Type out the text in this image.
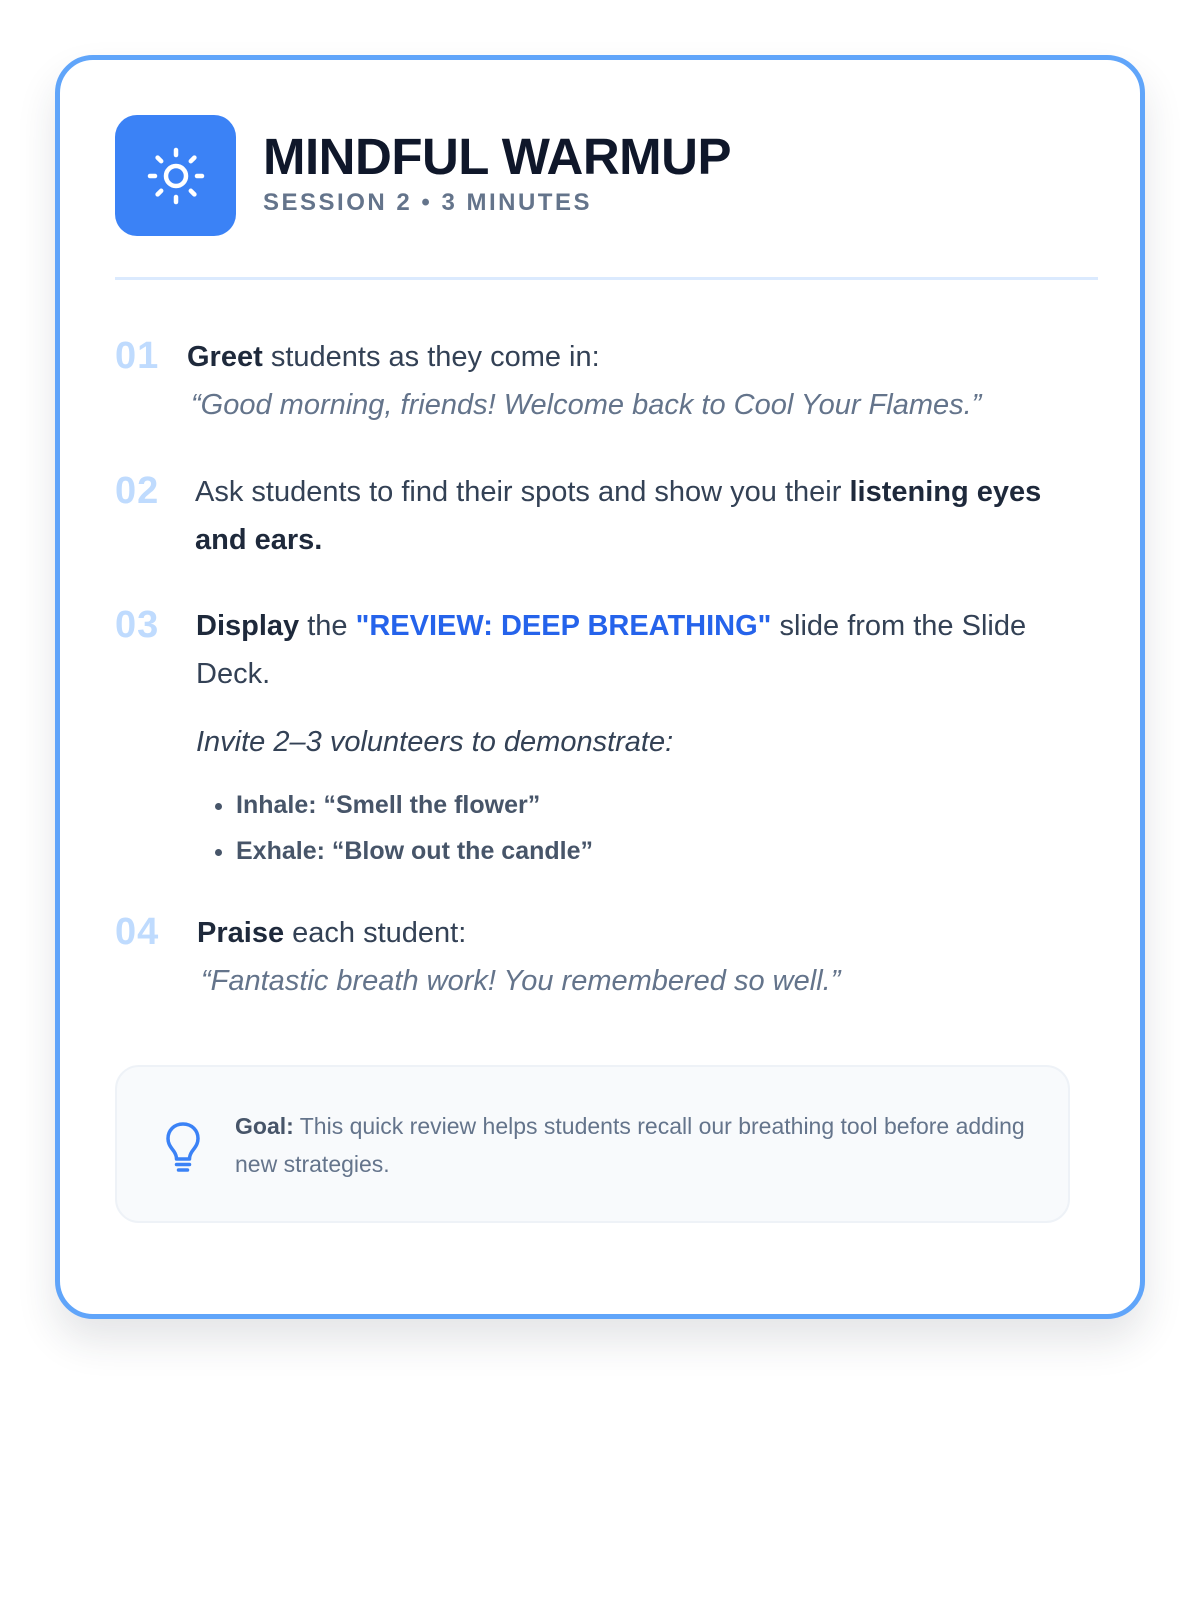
MINDFUL WARMUP
SESSION 2 • 3 MINUTES
01 Greet students as they come in:
“Good morning, friends! Welcome back to Cool Your Flames.”
02 Ask students to find their spots and show you their listening eyes and ears.
03 Display the "REVIEW: DEEP BREATHING" slide from the Slide Deck.
Invite 2–3 volunteers to demonstrate:
• Inhale: “Smell the flower”
• Exhale: “Blow out the candle”
04 Praise each student:
“Fantastic breath work! You remembered so well.”
Goal: This quick review helps students recall our breathing tool before adding new strategies.
